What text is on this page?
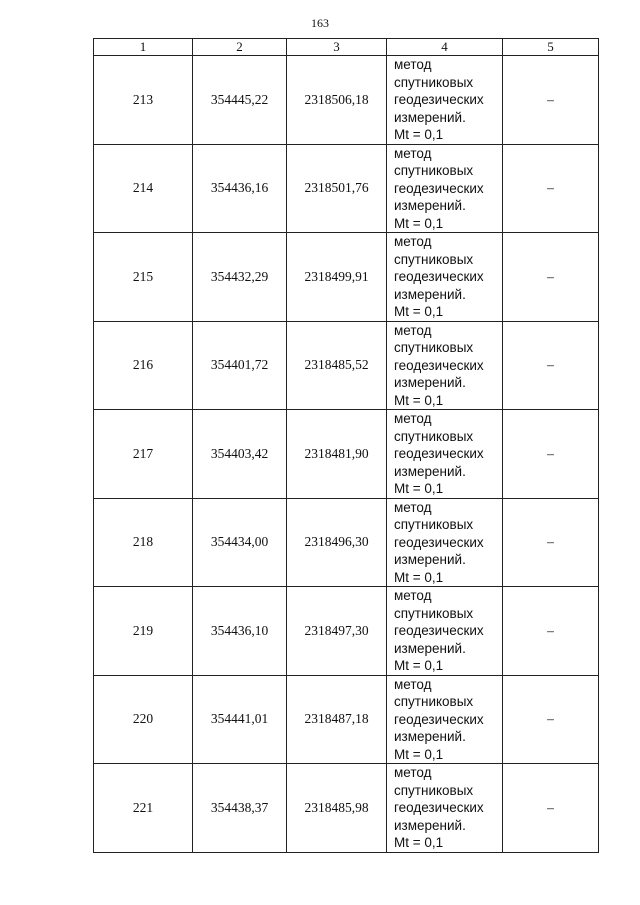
163
1	2	3	4	5
213	354445,22	2318506,18	метод
спутниковых
геодезических
измерений.
Mt = 0,1	–
214	354436,16	2318501,76	метод
спутниковых
геодезических
измерений.
Mt = 0,1	–
215	354432,29	2318499,91	метод
спутниковых
геодезических
измерений.
Mt = 0,1	–
216	354401,72	2318485,52	метод
спутниковых
геодезических
измерений.
Mt = 0,1	–
217	354403,42	2318481,90	метод
спутниковых
геодезических
измерений.
Mt = 0,1	–
218	354434,00	2318496,30	метод
спутниковых
геодезических
измерений.
Mt = 0,1	–
219	354436,10	2318497,30	метод
спутниковых
геодезических
измерений.
Mt = 0,1	–
220	354441,01	2318487,18	метод
спутниковых
геодезических
измерений.
Mt = 0,1	–
221	354438,37	2318485,98	метод
спутниковых
геодезических
измерений.
Mt = 0,1	–
